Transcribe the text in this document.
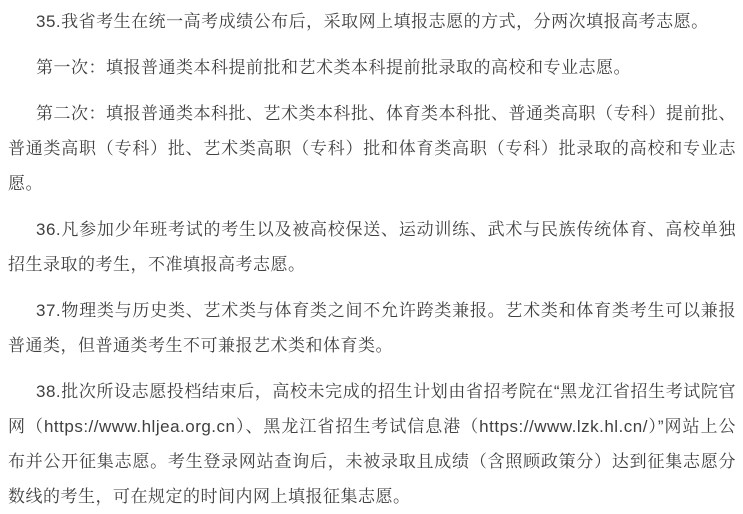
35.我省考生在统一高考成绩公布后，采取网上填报志愿的方式，分两次填报高考志愿。

第一次：填报普通类本科提前批和艺术类本科提前批录取的高校和专业志愿。

第二次：填报普通类本科批、艺术类本科批、体育类本科批、普通类高职（专科）提前批、普通类高职（专科）批、艺术类高职（专科）批和体育类高职（专科）批录取的高校和专业志愿。

36.凡参加少年班考试的考生以及被高校保送、运动训练、武术与民族传统体育、高校单独招生录取的考生，不准填报高考志愿。

37.物理类与历史类、艺术类与体育类之间不允许跨类兼报。艺术类和体育类考生可以兼报普通类，但普通类考生不可兼报艺术类和体育类。

38.批次所设志愿投档结束后，高校未完成的招生计划由省招考院在“黑龙江省招生考试院官网（https://www.hljea.org.cn）、黑龙江省招生考试信息港（https://www.lzk.hl.cn/）”网站上公布并公开征集志愿。考生登录网站查询后，未被录取且成绩（含照顾政策分）达到征集志愿分数线的考生，可在规定的时间内网上填报征集志愿。
